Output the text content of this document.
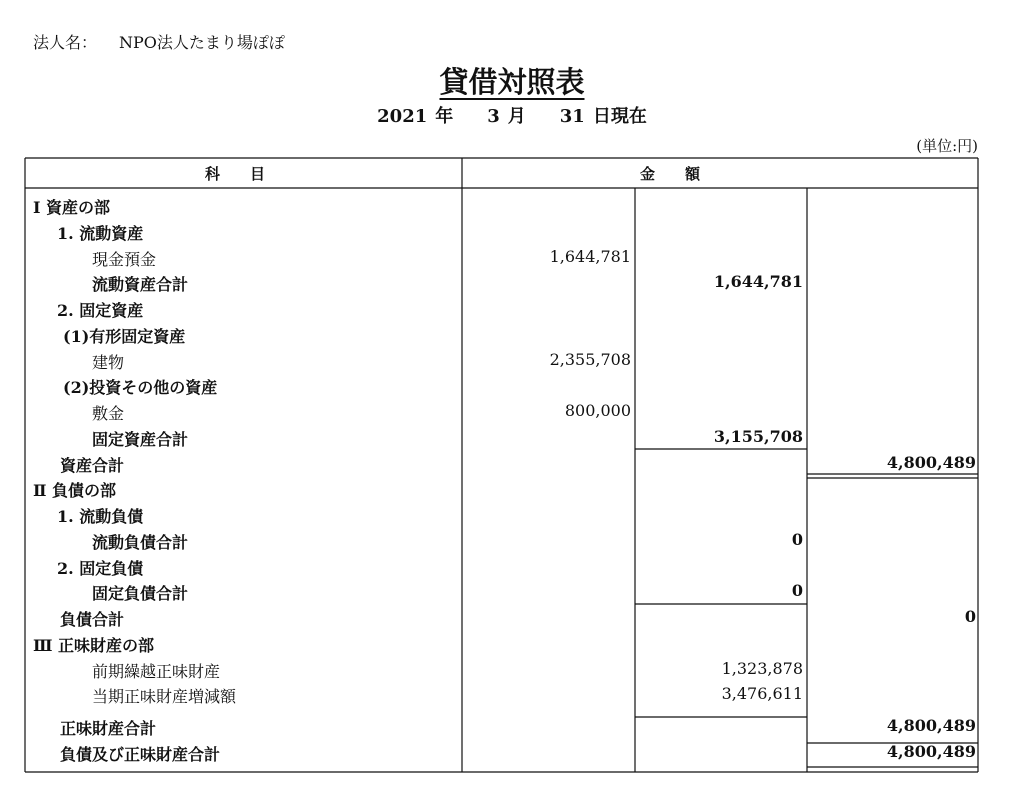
法人名： NPO法人たまり場ぽぽ
貸借対照表
2021 年 3 月 31 日現在
(単位:円)
科　　目	金　　額
Ⅰ 資産の部
1. 流動資産
現金預金	1,644,781
流動資産合計	1,644,781
2. 固定資産
(1)有形固定資産
建物	2,355,708
(2)投資その他の資産
敷金	800,000
固定資産合計	3,155,708
資産合計	4,800,489
Ⅱ 負債の部
1. 流動負債
流動負債合計	0
2. 固定負債
固定負債合計	0
負債合計	0
Ⅲ 正味財産の部
前期繰越正味財産	1,323,878
当期正味財産増減額	3,476,611
正味財産合計	4,800,489
負債及び正味財産合計	4,800,489
